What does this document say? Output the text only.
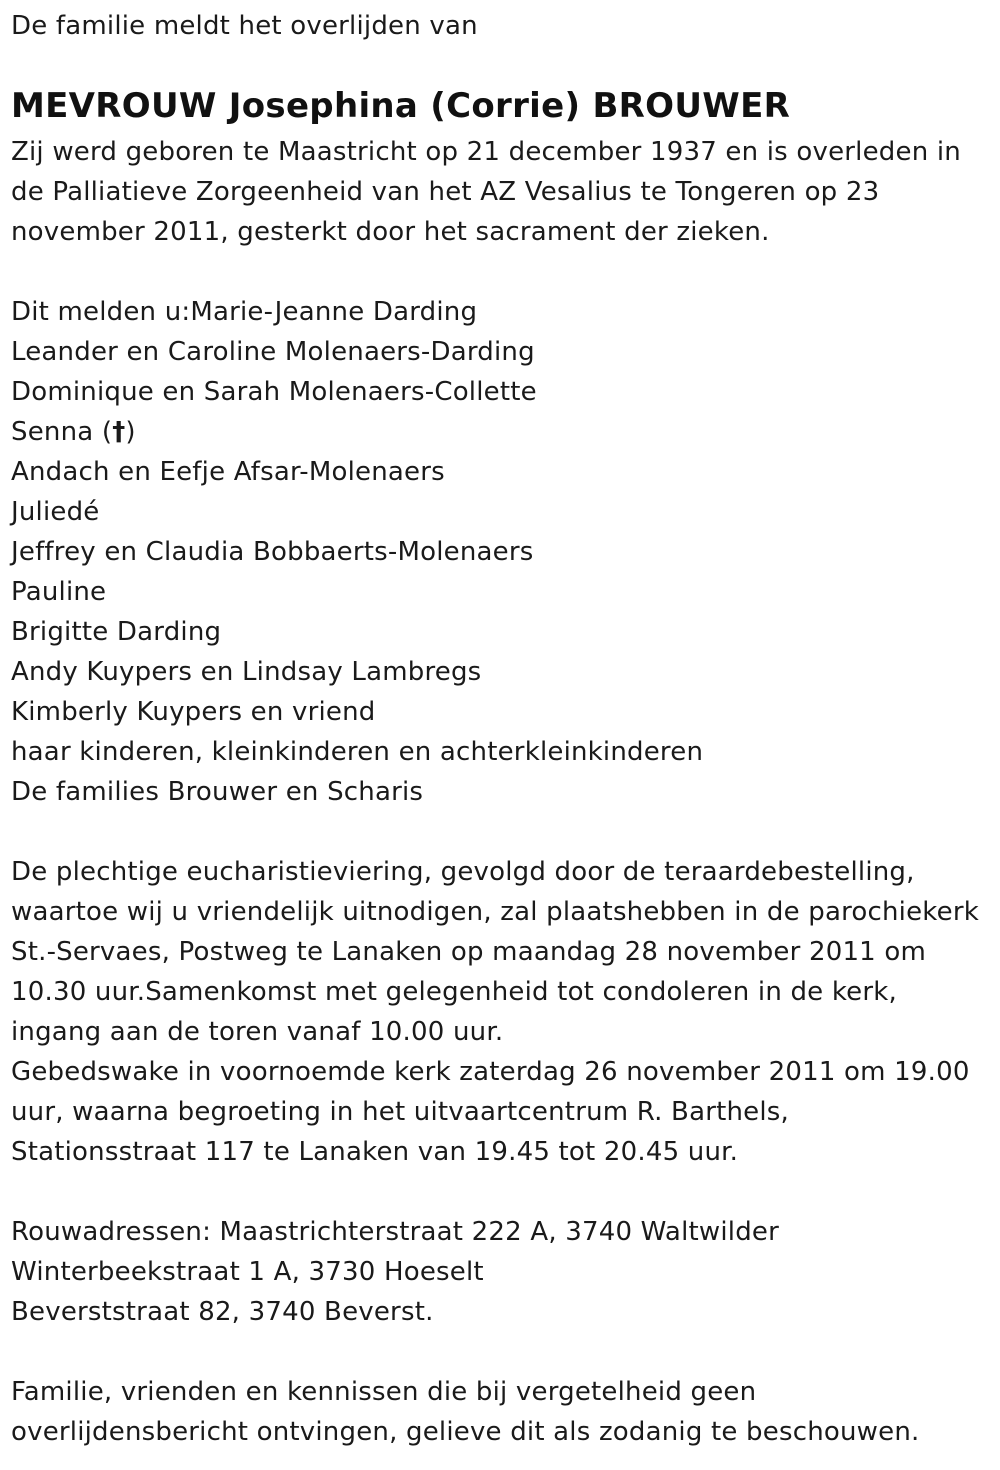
De familie meldt het overlijden van
MEVROUW Josephina (Corrie) BROUWER
Zij werd geboren te Maastricht op 21 december 1937 en is overleden in
de Palliatieve Zorgeenheid van het AZ Vesalius te Tongeren op 23
november 2011, gesterkt door het sacrament der zieken.
Dit melden u:Marie-Jeanne Darding
Leander en Caroline Molenaers-Darding
Dominique en Sarah Molenaers-Collette
Senna (†)
Andach en Eefje Afsar-Molenaers
Juliedé
Jeffrey en Claudia Bobbaerts-Molenaers
Pauline
Brigitte Darding
Andy Kuypers en Lindsay Lambregs
Kimberly Kuypers en vriend
haar kinderen, kleinkinderen en achterkleinkinderen
De families Brouwer en Scharis
De plechtige eucharistieviering, gevolgd door de teraardebestelling,
waartoe wij u vriendelijk uitnodigen, zal plaatshebben in de parochiekerk
St.-Servaes, Postweg te Lanaken op maandag 28 november 2011 om
10.30 uur.Samenkomst met gelegenheid tot condoleren in de kerk,
ingang aan de toren vanaf 10.00 uur.
Gebedswake in voornoemde kerk zaterdag 26 november 2011 om 19.00
uur, waarna begroeting in het uitvaartcentrum R. Barthels,
Stationsstraat 117 te Lanaken van 19.45 tot 20.45 uur.
Rouwadressen: Maastrichterstraat 222 A, 3740 Waltwilder
Winterbeekstraat 1 A, 3730 Hoeselt
Beverststraat 82, 3740 Beverst.
Familie, vrienden en kennissen die bij vergetelheid geen
overlijdensbericht ontvingen, gelieve dit als zodanig te beschouwen.
